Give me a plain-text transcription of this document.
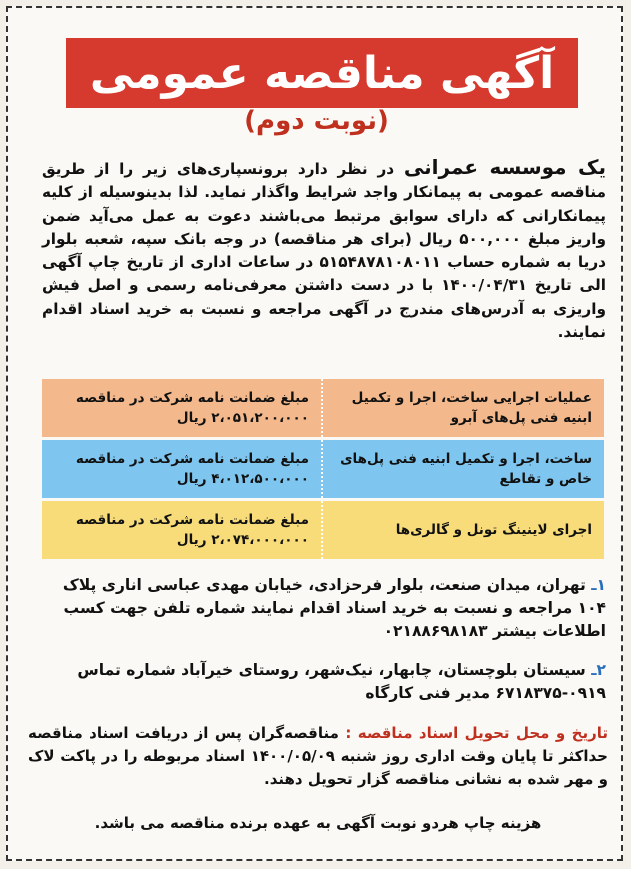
آگهی مناقصه عمومی
(نوبت دوم)
یک موسسه عمرانی در نظر دارد برونسپاری‌های زیر را از طریق مناقصه عمومی به پیمانکار واجد شرایط واگذار نماید. لذا بدینوسیله از کلیه پیمانکارانی که دارای سوابق مرتبط می‌باشند دعوت به عمل می‌آید ضمن واریز مبلغ ۵۰۰,۰۰۰ ریال (برای هر مناقصه) در وجه بانک سپه، شعبه بلوار دریا به شماره حساب ۵۱۵۴۸۷۸۱۰۸۰۱۱ در ساعات اداری از تاریخ چاپ آگهی الی تاریخ ۱۴۰۰/۰۴/۳۱ با در دست داشتن معرفی‌نامه رسمی و اصل فیش واریزی به آدرس‌های مندرج در آگهی مراجعه و نسبت به خرید اسناد اقدام نمایند.
عملیات اجرایی ساخت، اجرا و تکمیل ابنیه فنی پل‌های آبرو
مبلغ ضمانت نامه شرکت در مناقصه
۲،۰۵۱،۲۰۰،۰۰۰ ریال
ساخت، اجرا و تکمیل ابنیه فنی پل‌های خاص و تقاطع
مبلغ ضمانت نامه شرکت در مناقصه
۴،۰۱۲،۵۰۰،۰۰۰ ریال
اجرای لاینینگ تونل و گالری‌ها
مبلغ ضمانت نامه شرکت در مناقصه
۲،۰۷۴،۰۰۰،۰۰۰ ریال
۱ـ تهران، میدان صنعت، بلوار فرحزادی، خیابان مهدی عباسی اناری پلاک ۱۰۴ مراجعه و نسبت به خرید اسناد اقدام نمایند شماره تلفن جهت کسب اطلاعات بیشتر ۰۲۱۸۸۶۹۸۱۸۳
۲ـ سیستان بلوچستان، چابهار، نیک‌شهر، روستای خیرآباد شماره تماس ۰۹۱۹-۶۷۱۸۳۷۵ مدیر فنی کارگاه
تاریخ و محل تحویل اسناد مناقصه : مناقصه‌گران پس از دریافت اسناد مناقصه حداکثر تا پایان وقت اداری روز شنبه ۱۴۰۰/۰۵/۰۹ اسناد مربوطه را در پاکت لاک و مهر شده به نشانی مناقصه گزار تحویل دهند.
هزینه چاپ هردو نوبت آگهی به عهده برنده مناقصه می باشد.
